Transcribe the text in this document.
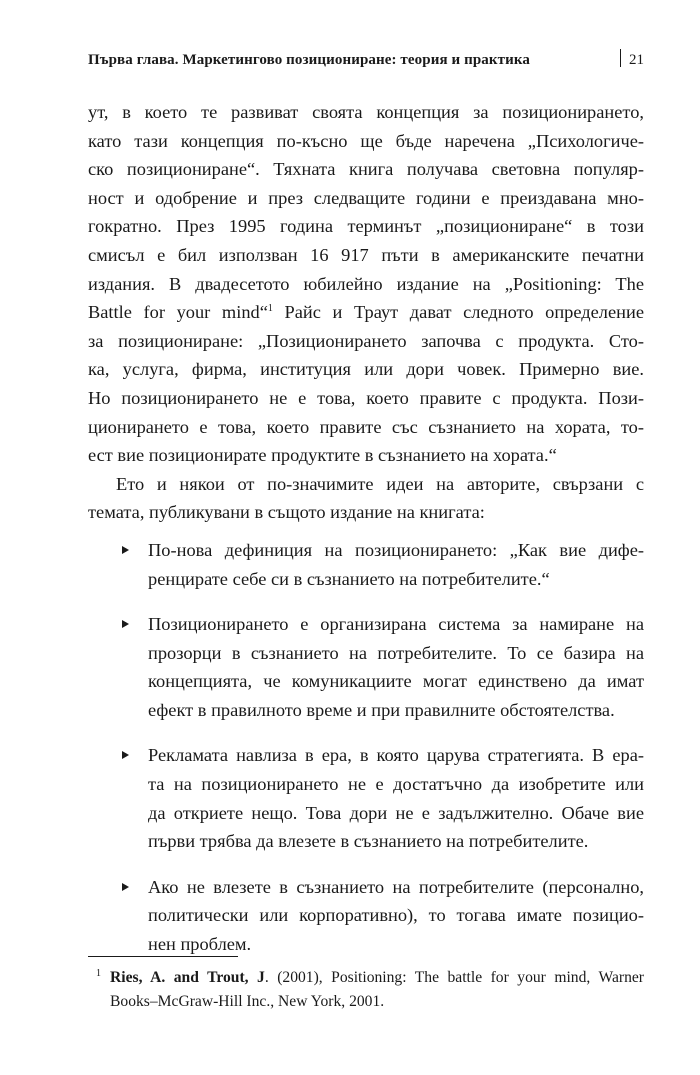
Първа глава. Маркетингово позициониране: теория и практика	21
ут, в което те развиват своята концепция за позиционирането,
като тази концепция по-късно ще бъде наречена „Психологиче-
ско позициониране“. Тяхната книга получава световна популяр-
ност и одобрение и през следващите години е преиздавана мно-
гократно. През 1995 година терминът „позициониране“ в този
смисъл е бил използван 16 917 пъти в американските печатни
издания. В двадесетото юбилейно издание на „Positioning: The
Battle for your mind“$^1$ Райс и Траут дават следното определение
за позициониране: „Позиционирането започва с продукта. Сто-
ка, услуга, фирма, институция или дори човек. Примерно вие.
Но позиционирането не е това, което правите с продукта. Пози-
ционирането е това, което правите със съзнанието на хората, то-
ест вие позиционирате продуктите в съзнанието на хората.“
Ето и някои от по-значимите идеи на авторите, свързани с
темата, публикувани в същото издание на книгата:
По-нова дефиниция на позиционирането: „Как вие дифе-
ренцирате себе си в съзнанието на потребителите.“
Позиционирането е организирана система за намиране на
прозорци в съзнанието на потребителите. То се базира на
концепцията, че комуникациите могат единствено да имат
ефект в правилното време и при правилните обстоятелства.
Рекламата навлиза в ера, в която царува стратегията. В ера-
та на позиционирането не е достатъчно да изобретите или
да откриете нещо. Това дори не е задължително. Обаче вие
първи трябва да влезете в съзнанието на потребителите.
Ако не влезете в съзнанието на потребителите (персонално,
политически или корпоративно), то тогава имате позицио-
нен проблем.
1 Ries, A. and Trout, J. (2001), Positioning: The battle for your mind, Warner
Books–McGraw-Hill Inc., New York, 2001.
